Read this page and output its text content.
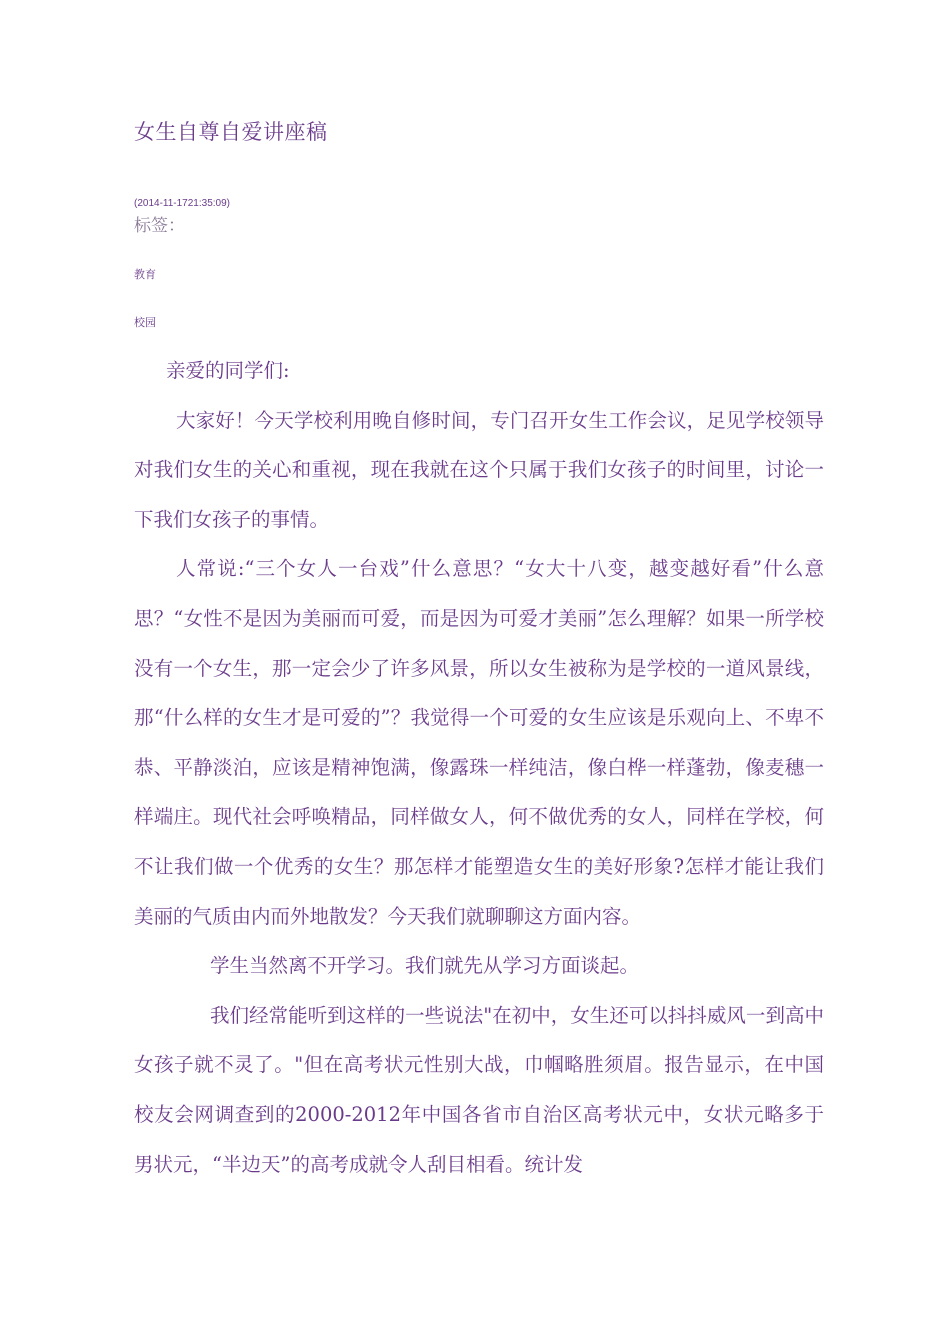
女生自尊自爱讲座稿
(2014-11-1721:35:09)
标签：
教育
校园

亲爱的同学们:

大家好！今天学校利用晚自修时间，专门召开女生工作会议，足见学校领导对我们女生的关心和重视，现在我就在这个只属于我们女孩子的时间里，讨论一下我们女孩子的事情。

人常说:“三个女人一台戏”什么意思？“女大十八变，越变越好看”什么意思？“女性不是因为美丽而可爱，而是因为可爱才美丽”怎么理解？如果一所学校没有一个女生，那一定会少了许多风景，所以女生被称为是学校的一道风景线，那“什么样的女生才是可爱的”？我觉得一个可爱的女生应该是乐观向上、不卑不恭、平静淡泊，应该是精神饱满，像露珠一样纯洁，像白桦一样蓬勃，像麦穗一样端庄。现代社会呼唤精品，同样做女人，何不做优秀的女人，同样在学校，何不让我们做一个优秀的女生？那怎样才能塑造女生的美好形象?怎样才能让我们美丽的气质由内而外地散发？今天我们就聊聊这方面内容。

学生当然离不开学习。我们就先从学习方面谈起。

我们经常能听到这样的一些说法"在初中，女生还可以抖抖威风一到高中女孩子就不灵了。"但在高考状元性别大战，巾帼略胜须眉。报告显示，在中国校友会网调查到的2000-2012年中国各省市自治区高考状元中，女状元略多于男状元，“半边天”的高考成就令人刮目相看。统计发
